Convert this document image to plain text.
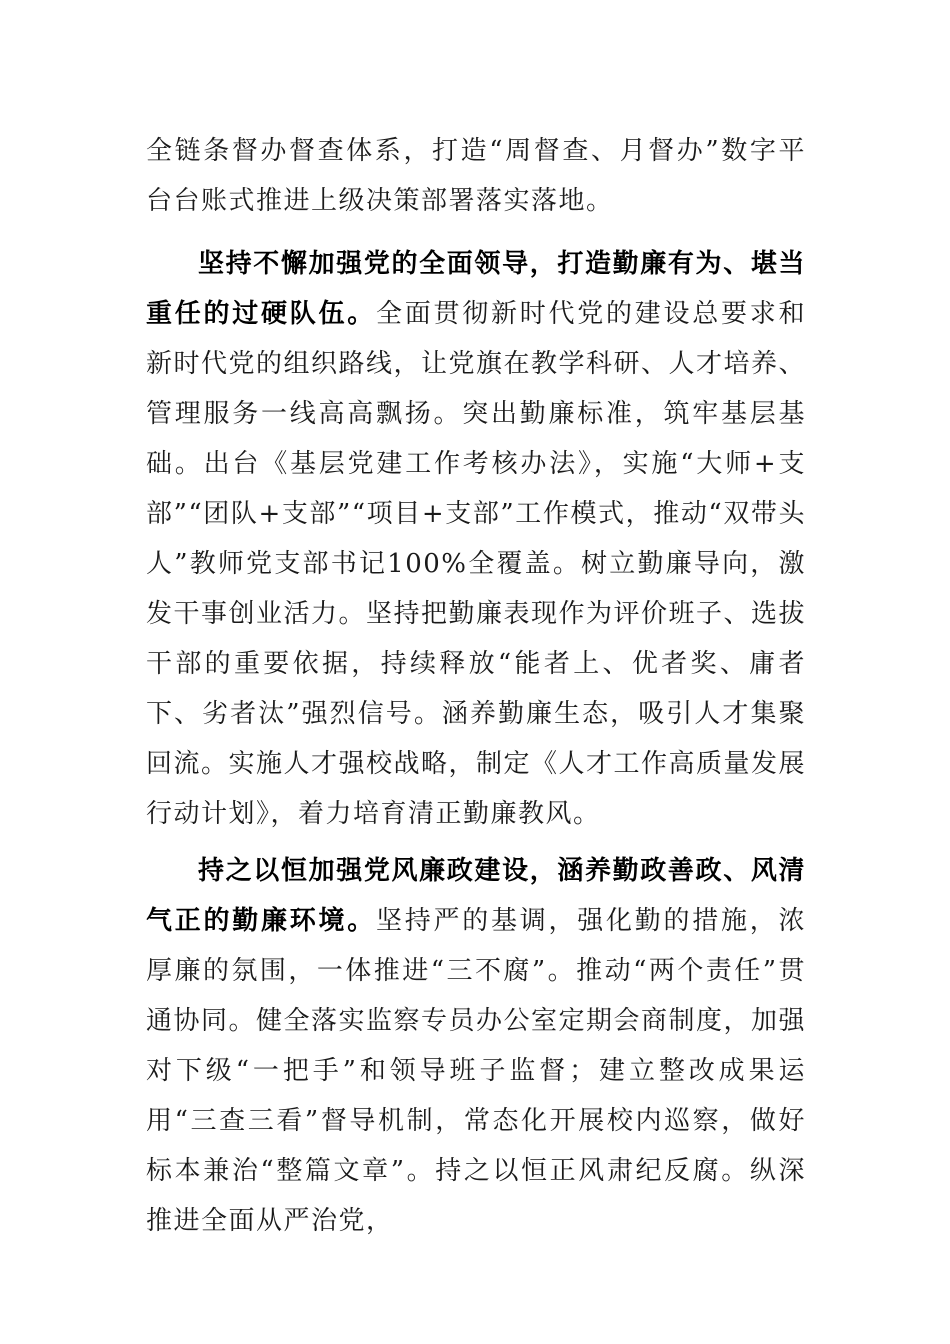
全链条督办督查体系，打造“周督查、月督办”数字平台台账式推进上级决策部署落实落地。

坚持不懈加强党的全面领导，打造勤廉有为、堪当重任的过硬队伍。全面贯彻新时代党的建设总要求和新时代党的组织路线，让党旗在教学科研、人才培养、管理服务一线高高飘扬。突出勤廉标准，筑牢基层基础。出台《基层党建工作考核办法》，实施“大师+支部”“团队+支部”“项目+支部”工作模式，推动“双带头人”教师党支部书记100%全覆盖。树立勤廉导向，激发干事创业活力。坚持把勤廉表现作为评价班子、选拔干部的重要依据，持续释放“能者上、优者奖、庸者下、劣者汰”强烈信号。涵养勤廉生态，吸引人才集聚回流。实施人才强校战略，制定《人才工作高质量发展行动计划》，着力培育清正勤廉教风。

持之以恒加强党风廉政建设，涵养勤政善政、风清气正的勤廉环境。坚持严的基调，强化勤的措施，浓厚廉的氛围，一体推进“三不腐”。推动“两个责任”贯通协同。健全落实监察专员办公室定期会商制度，加强对下级“一把手”和领导班子监督；建立整改成果运用“三查三看”督导机制，常态化开展校内巡察，做好标本兼治“整篇文章”。持之以恒正风肃纪反腐。纵深推进全面从严治党，
